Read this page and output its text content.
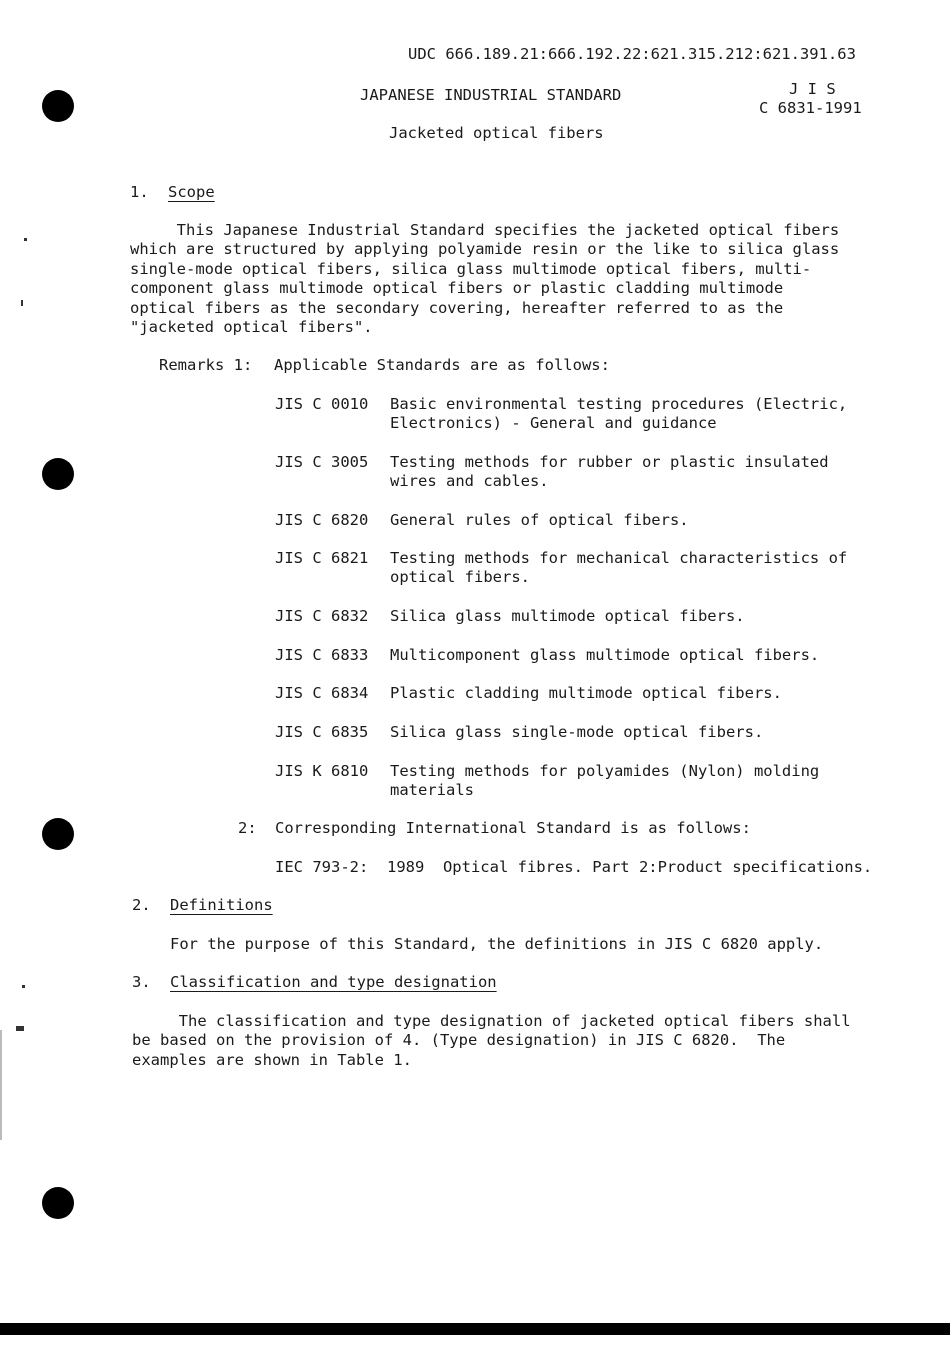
UDC 666.189.21:666.192.22:621.315.212:621.391.63
JAPANESE INDUSTRIAL STANDARD	J I S
C 6831-1991
Jacketed optical fibers
1. Scope
This Japanese Industrial Standard specifies the jacketed optical fibers
which are structured by applying polyamide resin or the like to silica glass
single-mode optical fibers, silica glass multimode optical fibers, multi-
component glass multimode optical fibers or plastic cladding multimode
optical fibers as the secondary covering, hereafter referred to as the
"jacketed optical fibers".
Remarks 1: Applicable Standards are as follows:
JIS C 0010 Basic environmental testing procedures (Electric,
Electronics) - General and guidance
JIS C 3005 Testing methods for rubber or plastic insulated
wires and cables.
JIS C 6820 General rules of optical fibers.
JIS C 6821 Testing methods for mechanical characteristics of
optical fibers.
JIS C 6832 Silica glass multimode optical fibers.
JIS C 6833 Multicomponent glass multimode optical fibers.
JIS C 6834 Plastic cladding multimode optical fibers.
JIS C 6835 Silica glass single-mode optical fibers.
JIS K 6810 Testing methods for polyamides (Nylon) molding
materials
2: Corresponding International Standard is as follows:
IEC 793-2:  1989  Optical fibres. Part 2:Product specifications.
2. Definitions
For the purpose of this Standard, the definitions in JIS C 6820 apply.
3. Classification and type designation
The classification and type designation of jacketed optical fibers shall
be based on the provision of 4. (Type designation) in JIS C 6820.  The
examples are shown in Table 1.
